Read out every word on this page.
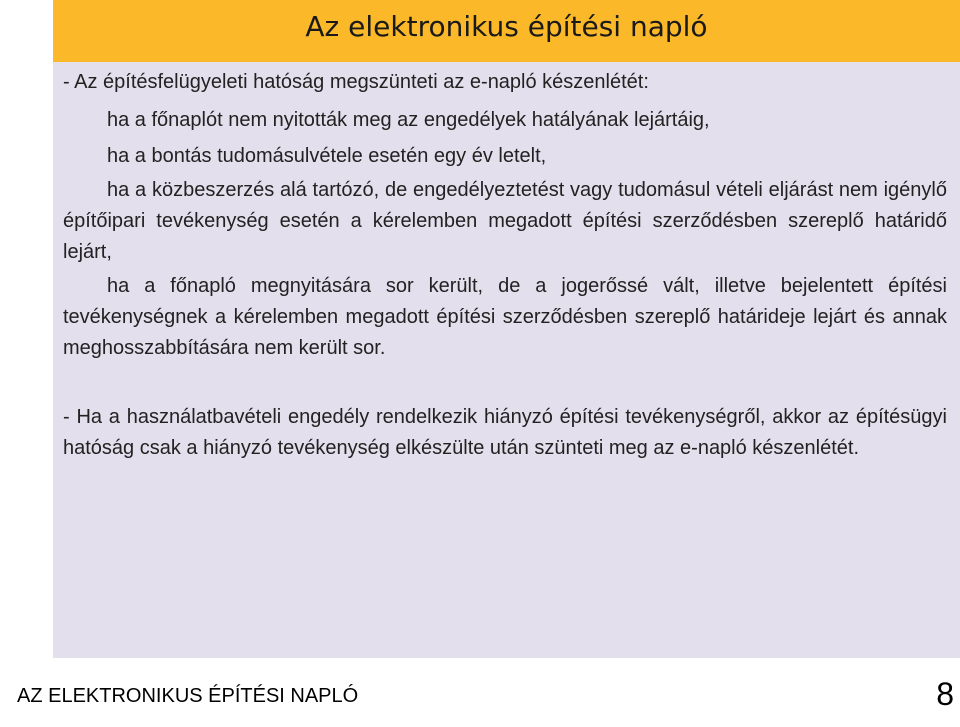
Az elektronikus építési napló

- Az építésfelügyeleti hatóság megszünteti az e-napló készenlétét:

ha a főnaplót nem nyitották meg az engedélyek hatályának lejártáig,

ha a bontás tudomásulvétele esetén egy év letelt,

ha a közbeszerzés alá tartózó, de engedélyeztetést vagy tudomásul vételi eljárást nem igénylő építőipari tevékenység esetén a kérelemben megadott építési szerződésben szereplő határidő lejárt,

ha a főnapló megnyitására sor került, de a jogerőssé vált, illetve bejelentett építési tevékenységnek a kérelemben megadott építési szerződésben szereplő határideje lejárt és annak meghosszabbítására nem került sor.

- Ha a használatbavételi engedély rendelkezik hiányzó építési tevékenységről, akkor az építésügyi hatóság csak a hiányzó tevékenység elkészülte után szünteti meg az e-napló készenlétét.

AZ ELEKTRONIKUS ÉPÍTÉSI NAPLÓ	8
